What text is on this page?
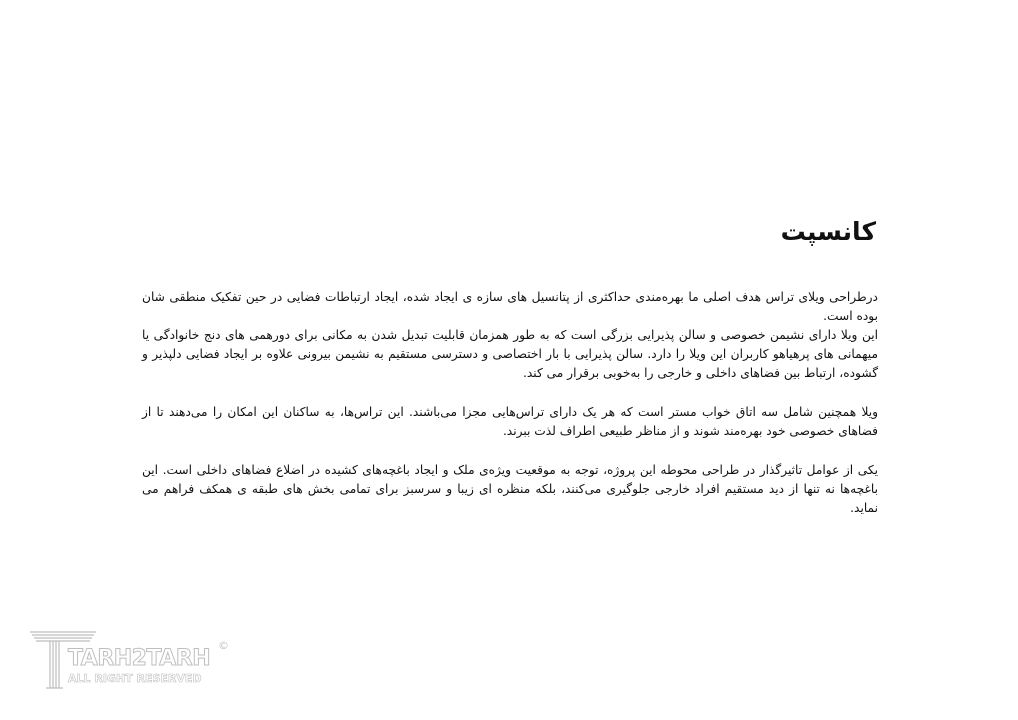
کانسپت

درطراحی ویلای تراس هدف اصلی ما بهره‌مندی حداکثری از پتانسیل های سازه ی ایجاد شده، ایجاد ارتباطات فضایی در حین تفکیک منطقی شان بوده است.
این ویلا دارای نشیمن خصوصی و سالن پذیرایی بزرگی است که به طور همزمان قابلیت تبدیل شدن به مکانی برای دورهمی های دنج خانوادگی یا میهمانی های پرهیاهو کاربران این ویلا را دارد. سالن پذیرایی با بار اختصاصی و دسترسی مستقیم به نشیمن بیرونی علاوه بر ایجاد فضایی دلپذیر و گشوده، ارتباط بین فضاهای داخلی و خارجی را به‌خوبی برقرار می کند.

ویلا همچنین شامل سه اتاق خواب مستر است که هر یک دارای تراس‌هایی مجزا می‌باشند. این تراس‌ها، به ساکنان این امکان را می‌دهند تا از فضاهای خصوصی خود بهره‌مند شوند و از مناظر طبیعی اطراف لذت ببرند.

یکی از عوامل تاثیرگذار در طراحی محوطه این پروژه، توجه به موقعیت ویژه‌ی ملک و ایجاد باغچه‌های کشیده در اضلاع فضاهای داخلی است. این باغچه‌ها نه تنها از دید مستقیم افراد خارجی جلوگیری می‌کنند، بلکه منظره ای زیبا و سرسبز برای تمامی بخش های طبقه ی همکف فراهم می نماید.

TARH2TARH
ALL RIGHT RESERVED
©
